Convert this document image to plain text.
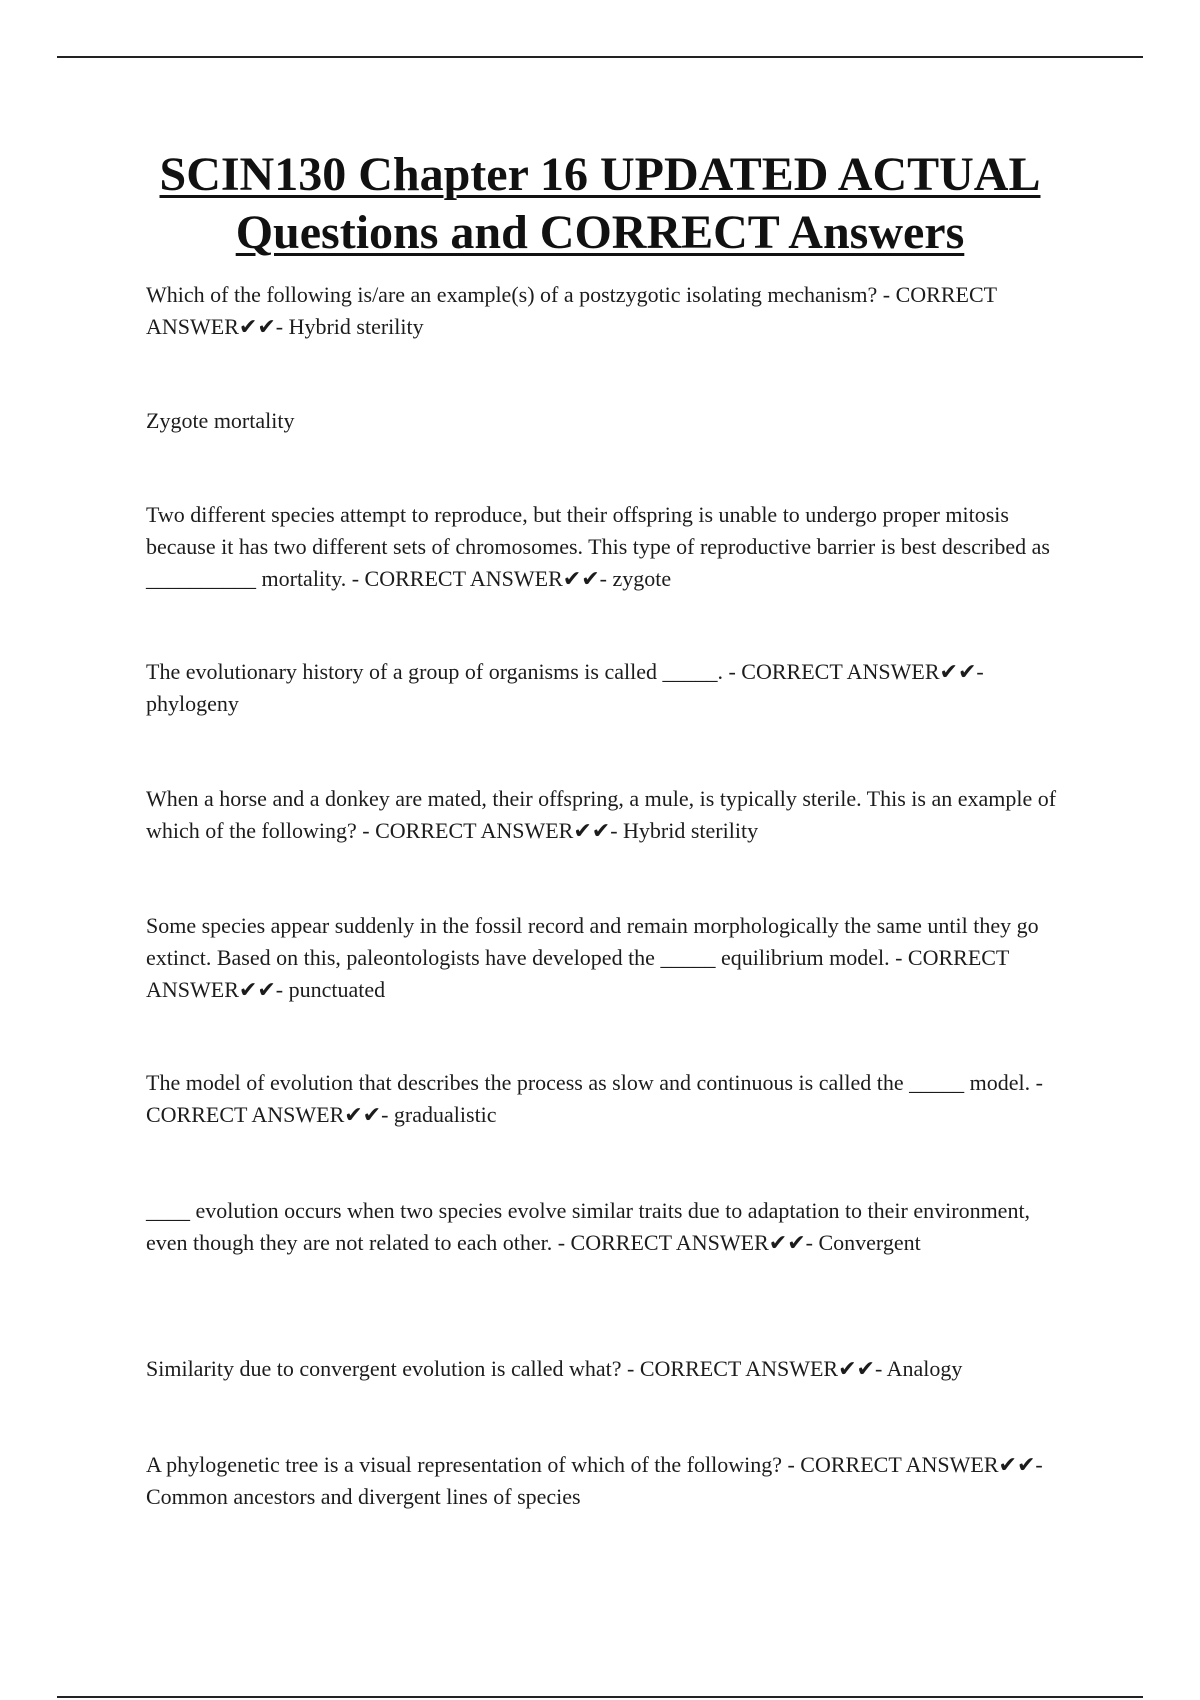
SCIN130 Chapter 16 UPDATED ACTUAL
Questions and CORRECT Answers

Which of the following is/are an example(s) of a postzygotic isolating mechanism? - CORRECT ANSWER✔✔- Hybrid sterility

Zygote mortality

Two different species attempt to reproduce, but their offspring is unable to undergo proper mitosis because it has two different sets of chromosomes. This type of reproductive barrier is best described as __________ mortality. - CORRECT ANSWER✔✔- zygote

The evolutionary history of a group of organisms is called _____. - CORRECT ANSWER✔✔- phylogeny

When a horse and a donkey are mated, their offspring, a mule, is typically sterile. This is an example of which of the following? - CORRECT ANSWER✔✔- Hybrid sterility

Some species appear suddenly in the fossil record and remain morphologically the same until they go extinct. Based on this, paleontologists have developed the _____ equilibrium model. - CORRECT ANSWER✔✔- punctuated

The model of evolution that describes the process as slow and continuous is called the _____ model. - CORRECT ANSWER✔✔- gradualistic

____ evolution occurs when two species evolve similar traits due to adaptation to their environment, even though they are not related to each other. - CORRECT ANSWER✔✔- Convergent

Similarity due to convergent evolution is called what? - CORRECT ANSWER✔✔- Analogy

A phylogenetic tree is a visual representation of which of the following? - CORRECT ANSWER✔✔- Common ancestors and divergent lines of species
